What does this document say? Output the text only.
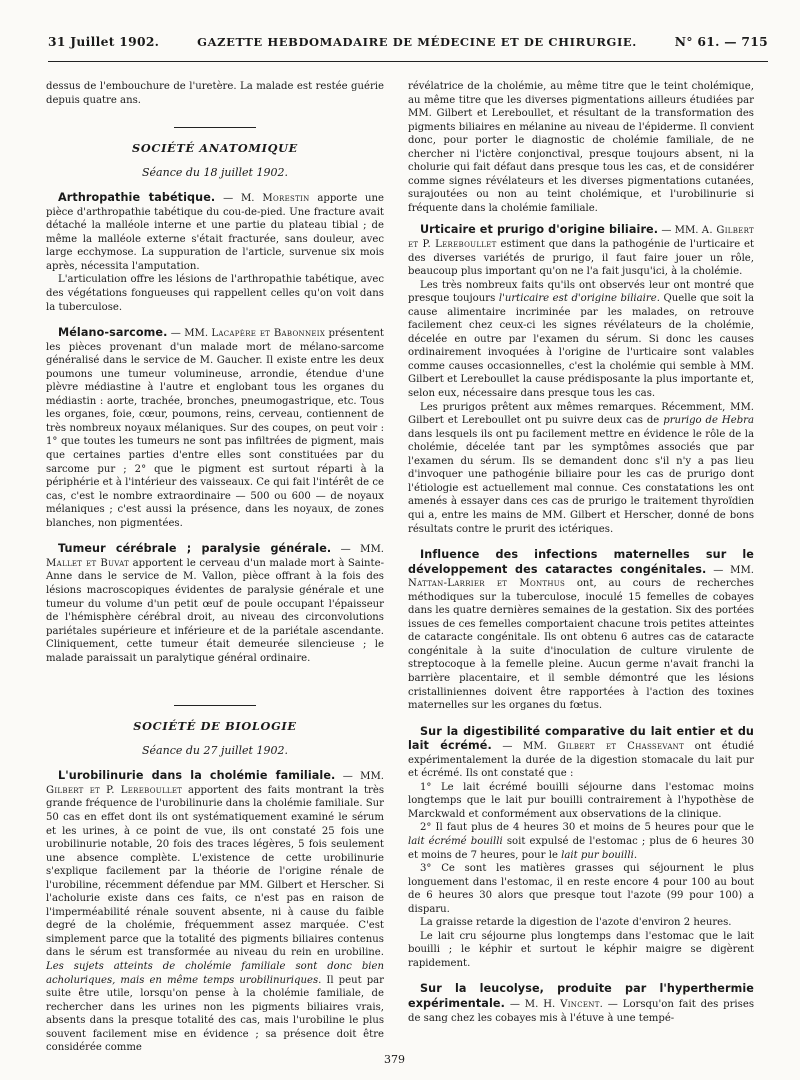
31 Juillet 1902.	GAZETTE HEBDOMADAIRE DE MÉDECINE ET DE CHIRURGIE.	N° 61. — 715

dessus de l'embouchure de l'uretère. La malade est restée guérie depuis quatre ans.

SOCIÉTÉ ANATOMIQUE
Séance du 18 juillet 1902.

Arthropathie tabétique. — M. Morestin apporte une pièce d'arthropathie tabétique du cou-de-pied. Une fracture avait détaché la malléole interne et une partie du plateau tibial ; de même la malléole externe s'était fracturée, sans douleur, avec large ecchymose. La suppuration de l'article, survenue six mois après, nécessita l'amputation.

L'articulation offre les lésions de l'arthropathie tabétique, avec des végétations fongueuses qui rappellent celles qu'on voit dans la tuberculose.

Mélano-sarcome. — MM. Lacapère et Babonneix présentent les pièces provenant d'un malade mort de mélano-sarcome généralisé dans le service de M. Gaucher. Il existe entre les deux poumons une tumeur volumineuse, arrondie, étendue d'une plèvre médiastine à l'autre et englobant tous les organes du médiastin : aorte, trachée, bronches, pneumogastrique, etc. Tous les organes, foie, cœur, poumons, reins, cerveau, contiennent de très nombreux noyaux mélaniques. Sur des coupes, on peut voir : 1° que toutes les tumeurs ne sont pas infiltrées de pigment, mais que certaines parties d'entre elles sont constituées par du sarcome pur ; 2° que le pigment est surtout réparti à la périphérie et à l'intérieur des vaisseaux. Ce qui fait l'intérêt de ce cas, c'est le nombre extraordinaire — 500 ou 600 — de noyaux mélaniques ; c'est aussi la présence, dans les noyaux, de zones blanches, non pigmentées.

Tumeur cérébrale ; paralysie générale. — MM. Mallet et Buvat apportent le cerveau d'un malade mort à Sainte-Anne dans le service de M. Vallon, pièce offrant à la fois des lésions macroscopiques évidentes de paralysie générale et une tumeur du volume d'un petit œuf de poule occupant l'épaisseur de l'hémisphère cérébral droit, au niveau des circonvolutions pariétales supérieure et inférieure et de la pariétale ascendante. Cliniquement, cette tumeur était demeurée silencieuse ; le malade paraissait un paralytique général ordinaire.

SOCIÉTÉ DE BIOLOGIE
Séance du 27 juillet 1902.

L'urobilinurie dans la cholémie familiale. — MM. Gilbert et P. Lereboullet apportent des faits montrant la très grande fréquence de l'urobilinurie dans la cholémie familiale. Sur 50 cas en effet dont ils ont systématiquement examiné le sérum et les urines, à ce point de vue, ils ont constaté 25 fois une urobilinurie notable, 20 fois des traces légères, 5 fois seulement une absence complète. L'existence de cette urobilinurie s'explique facilement par la théorie de l'origine rénale de l'urobiline, récemment défendue par MM. Gilbert et Herscher. Si l'acholurie existe dans ces faits, ce n'est pas en raison de l'imperméabilité rénale souvent absente, ni à cause du faible degré de la cholémie, fréquemment assez marquée. C'est simplement parce que la totalité des pigments biliaires contenus dans le sérum est transformée au niveau du rein en urobiline. Les sujets atteints de cholémie familiale sont donc bien acholuriques, mais en même temps urobilinuriques. Il peut par suite être utile, lorsqu'on pense à la cholémie familiale, de rechercher dans les urines non les pigments biliaires vrais, absents dans la presque totalité des cas, mais l'urobiline le plus souvent facilement mise en évidence ; sa présence doit être considérée comme

révélatrice de la cholémie, au même titre que le teint cholémique, au même titre que les diverses pigmentations ailleurs étudiées par MM. Gilbert et Lereboullet, et résultant de la transformation des pigments biliaires en mélanine au niveau de l'épiderme. Il convient donc, pour porter le diagnostic de cholémie familiale, de ne chercher ni l'ictère conjonctival, presque toujours absent, ni la cholurie qui fait défaut dans presque tous les cas, et de considérer comme signes révélateurs et les diverses pigmentations cutanées, surajoutées ou non au teint cholémique, et l'urobilinurie si fréquente dans la cholémie familiale.

Urticaire et prurigo d'origine biliaire. — MM. A. Gilbert et P. Lereboullet estiment que dans la pathogénie de l'urticaire et des diverses variétés de prurigo, il faut faire jouer un rôle, beaucoup plus important qu'on ne l'a fait jusqu'ici, à la cholémie.

Les très nombreux faits qu'ils ont observés leur ont montré que presque toujours l'urticaire est d'origine biliaire. Quelle que soit la cause alimentaire incriminée par les malades, on retrouve facilement chez ceux-ci les signes révélateurs de la cholémie, décelée en outre par l'examen du sérum. Si donc les causes ordinairement invoquées à l'origine de l'urticaire sont valables comme causes occasionnelles, c'est la cholémie qui semble à MM. Gilbert et Lereboullet la cause prédisposante la plus importante et, selon eux, nécessaire dans presque tous les cas.

Les prurigos prêtent aux mêmes remarques. Récemment, MM. Gilbert et Lereboullet ont pu suivre deux cas de prurigo de Hebra dans lesquels ils ont pu facilement mettre en évidence le rôle de la cholémie, décelée tant par les symptômes associés que par l'examen du sérum. Ils se demandent donc s'il n'y a pas lieu d'invoquer une pathogénie biliaire pour les cas de prurigo dont l'étiologie est actuellement mal connue. Ces constatations les ont amenés à essayer dans ces cas de prurigo le traitement thyroïdien qui a, entre les mains de MM. Gilbert et Herscher, donné de bons résultats contre le prurit des ictériques.

Influence des infections maternelles sur le développement des cataractes congénitales. — MM. Nattan-Larrier et Monthus ont, au cours de recherches méthodiques sur la tuberculose, inoculé 15 femelles de cobayes dans les quatre dernières semaines de la gestation. Six des portées issues de ces femelles comportaient chacune trois petites atteintes de cataracte congénitale. Ils ont obtenu 6 autres cas de cataracte congénitale à la suite d'inoculation de culture virulente de streptocoque à la femelle pleine. Aucun germe n'avait franchi la barrière placentaire, et il semble démontré que les lésions cristalliniennes doivent être rapportées à l'action des toxines maternelles sur les organes du fœtus.

Sur la digestibilité comparative du lait entier et du lait écrémé. — MM. Gilbert et Chassevant ont étudié expérimentalement la durée de la digestion stomacale du lait pur et écrémé. Ils ont constaté que :

1° Le lait écrémé bouilli séjourne dans l'estomac moins longtemps que le lait pur bouilli contrairement à l'hypothèse de Marckwald et conformément aux observations de la clinique.

2° Il faut plus de 4 heures 30 et moins de 5 heures pour que le lait écrémé bouilli soit expulsé de l'estomac ; plus de 6 heures 30 et moins de 7 heures, pour le lait pur bouilli.

3° Ce sont les matières grasses qui séjournent le plus longuement dans l'estomac, il en reste encore 4 pour 100 au bout de 6 heures 30 alors que presque tout l'azote (99 pour 100) a disparu.

La graisse retarde la digestion de l'azote d'environ 2 heures.

Le lait cru séjourne plus longtemps dans l'estomac que le lait bouilli ; le képhir et surtout le képhir maigre se digèrent rapidement.

Sur la leucolyse, produite par l'hyperthermie expérimentale. — M. H. Vincent. — Lorsqu'on fait des prises de sang chez les cobayes mis à l'étuve à une tempé-

379
